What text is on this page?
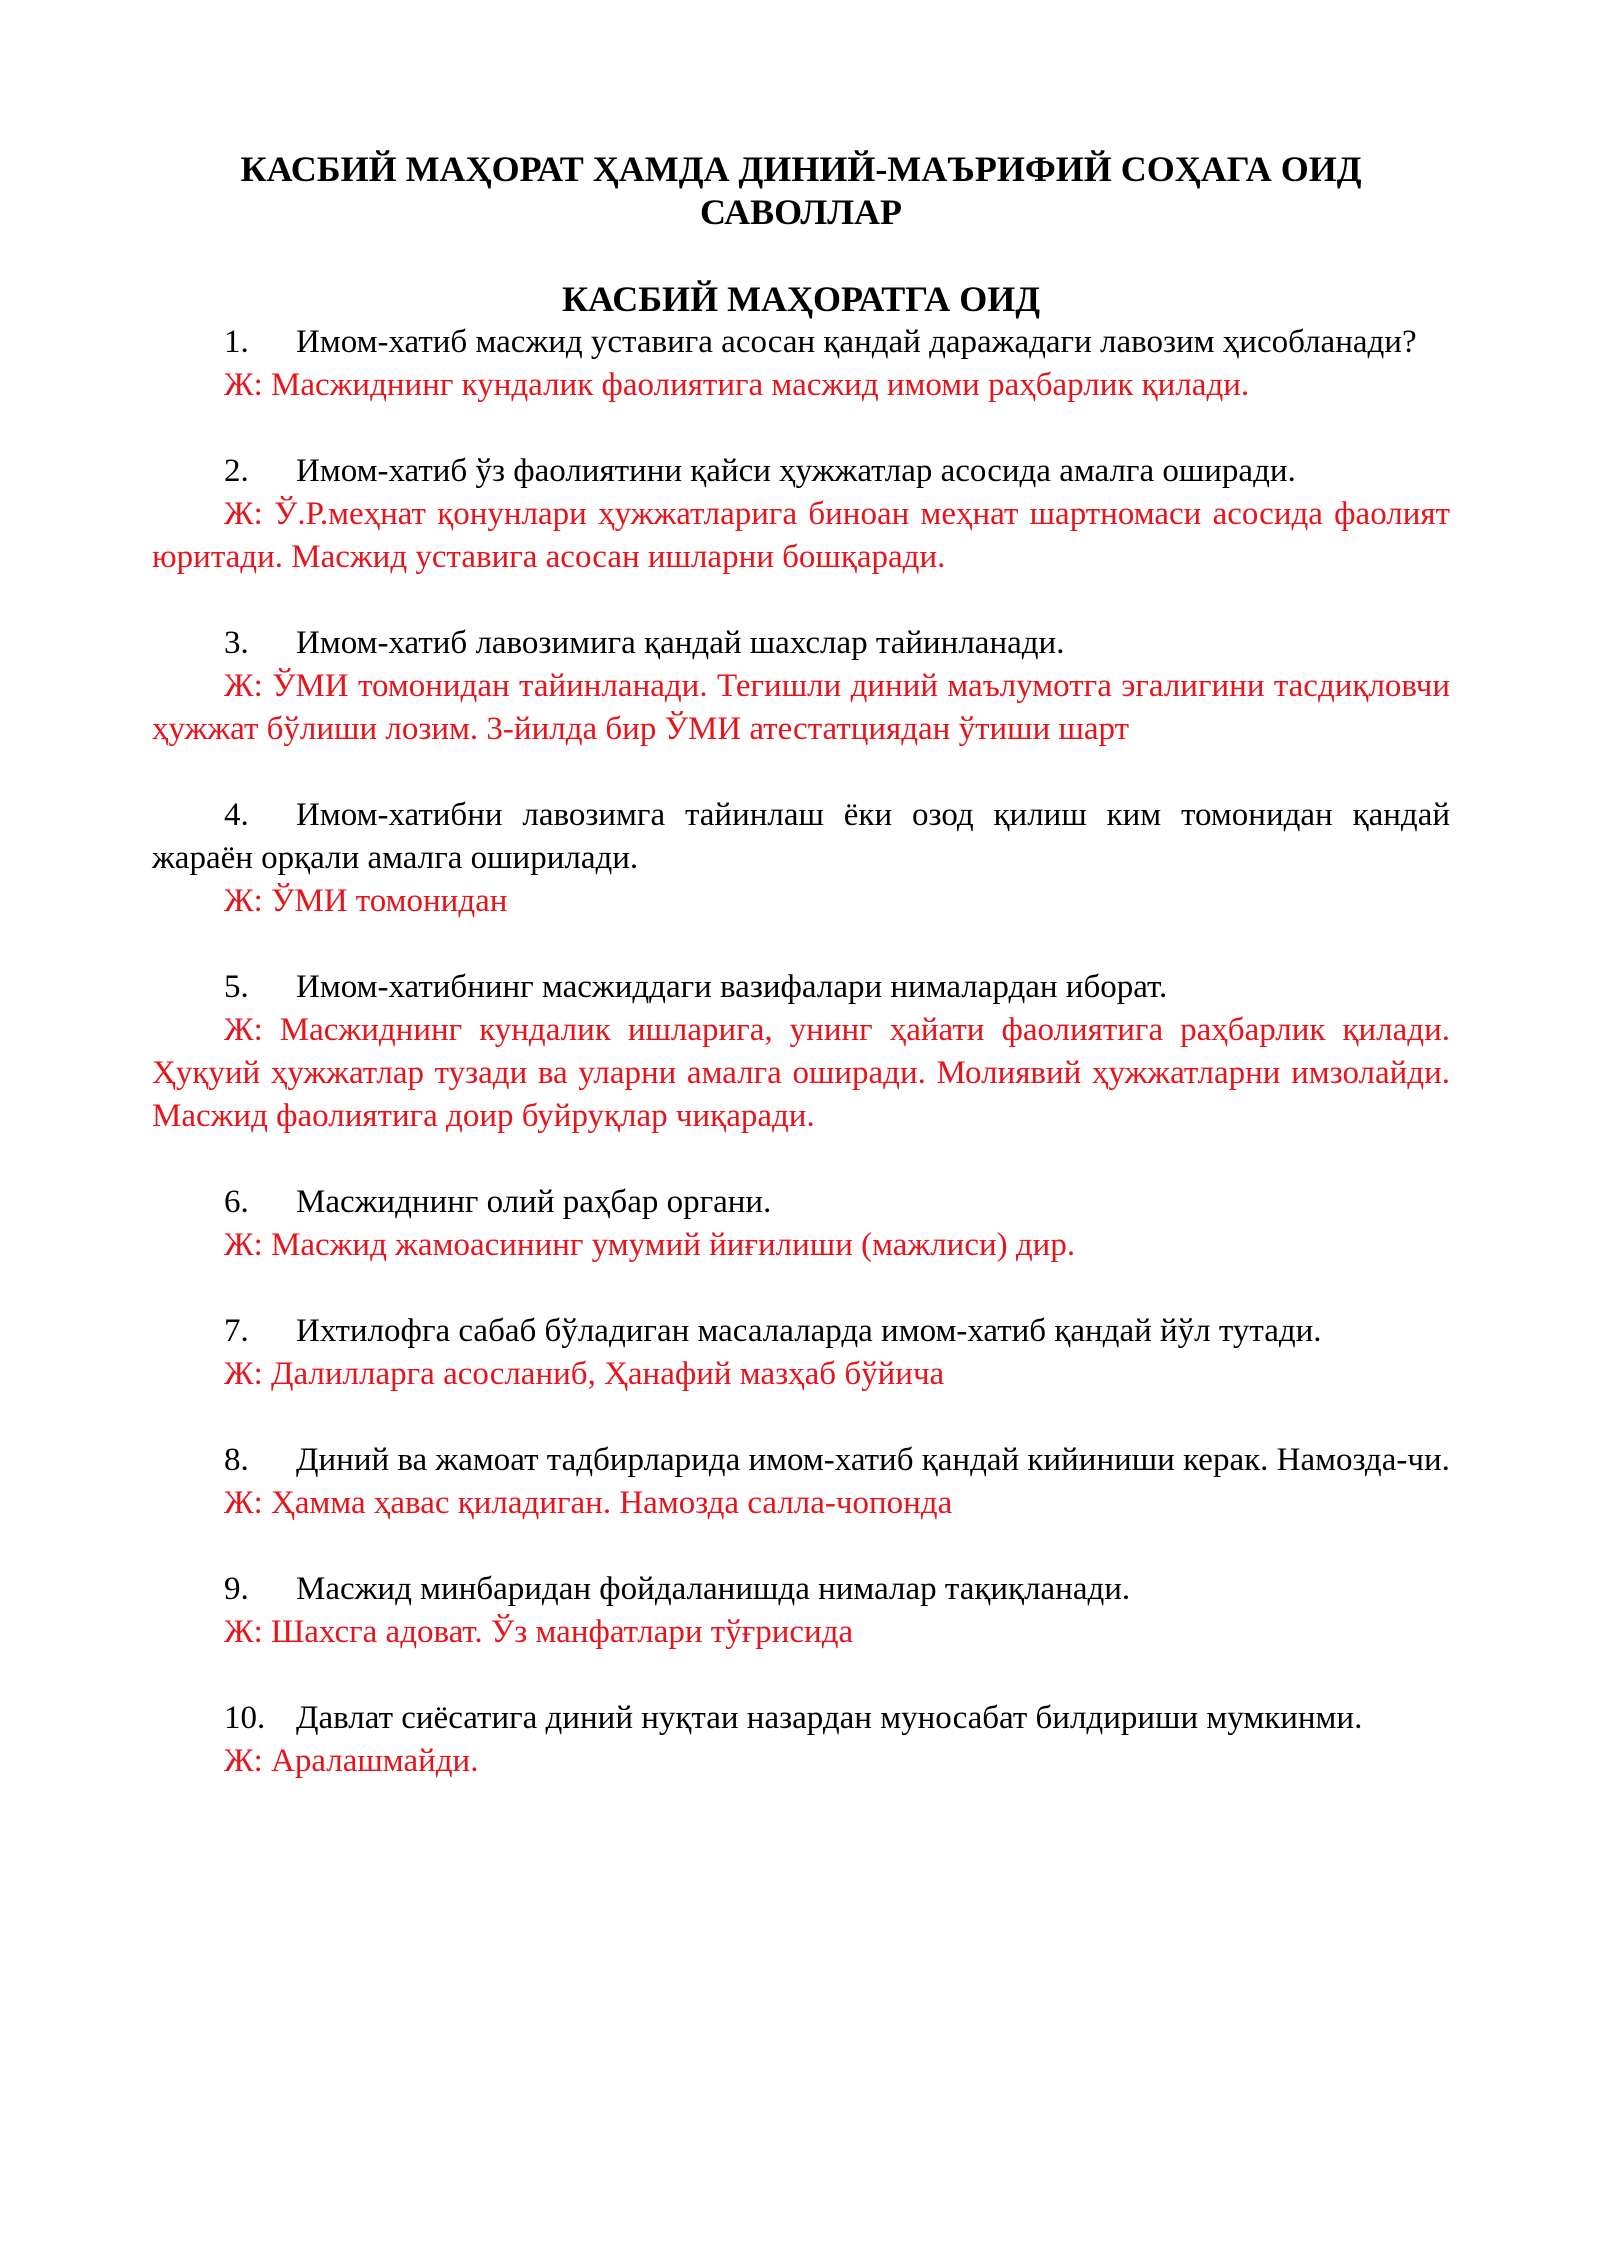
КАСБИЙ МАҲОРАТ ҲАМДА ДИНИЙ-МАЪРИФИЙ СОҲАГА ОИД
САВОЛЛАР

КАСБИЙ МАҲОРАТГА ОИД

1. Имом-хатиб масжид уставига асосан қандай даражадаги лавозим ҳисобланади?

Ж: Масжиднинг кундалик фаолиятига масжид имоми раҳбарлик қилади.

2. Имом-хатиб ўз фаолиятини қайси ҳужжатлар асосида амалга оширади.

Ж: Ў.Р.меҳнат қонунлари ҳужжатларига биноан меҳнат шартномаси асосида фаолият юритади. Масжид уставига асосан ишларни бошқаради.

3. Имом-хатиб лавозимига қандай шахслар тайинланади.

Ж: ЎМИ томонидан тайинланади. Тегишли диний маълумотга эгалигини тасдиқловчи ҳужжат бўлиши лозим. 3-йилда бир ЎМИ атестатциядан ўтиши шарт

4. Имом-хатибни лавозимга тайинлаш ёки озод қилиш ким томонидан қандай жараён орқали амалга оширилади.

Ж: ЎМИ томонидан

5. Имом-хатибнинг масжиддаги вазифалари нималардан иборат.

Ж: Масжиднинг кундалик ишларига, унинг ҳайати фаолиятига раҳбарлик қилади. Ҳуқуий ҳужжатлар тузади ва уларни амалга оширади. Молиявий ҳужжатларни имзолайди. Масжид фаолиятига доир буйруқлар чиқаради.

6. Масжиднинг олий раҳбар органи.

Ж: Масжид жамоасининг умумий йиғилиши (мажлиси) дир.

7. Ихтилофга сабаб бўладиган масалаларда имом-хатиб қандай йўл тутади.

Ж: Далилларга асосланиб, Ҳанафий мазҳаб бўйича

8. Диний ва жамоат тадбирларида имом-хатиб қандай кийиниши керак. Намозда-чи.

Ж: Ҳамма ҳавас қиладиган. Намозда салла-чопонда

9. Масжид минбаридан фойдаланишда нималар тақиқланади.

Ж: Шахсга адоват. Ўз манфатлари тўғрисида

10. Давлат сиёсатига диний нуқтаи назардан муносабат билдириши мумкинми.

Ж: Аралашмайди.
